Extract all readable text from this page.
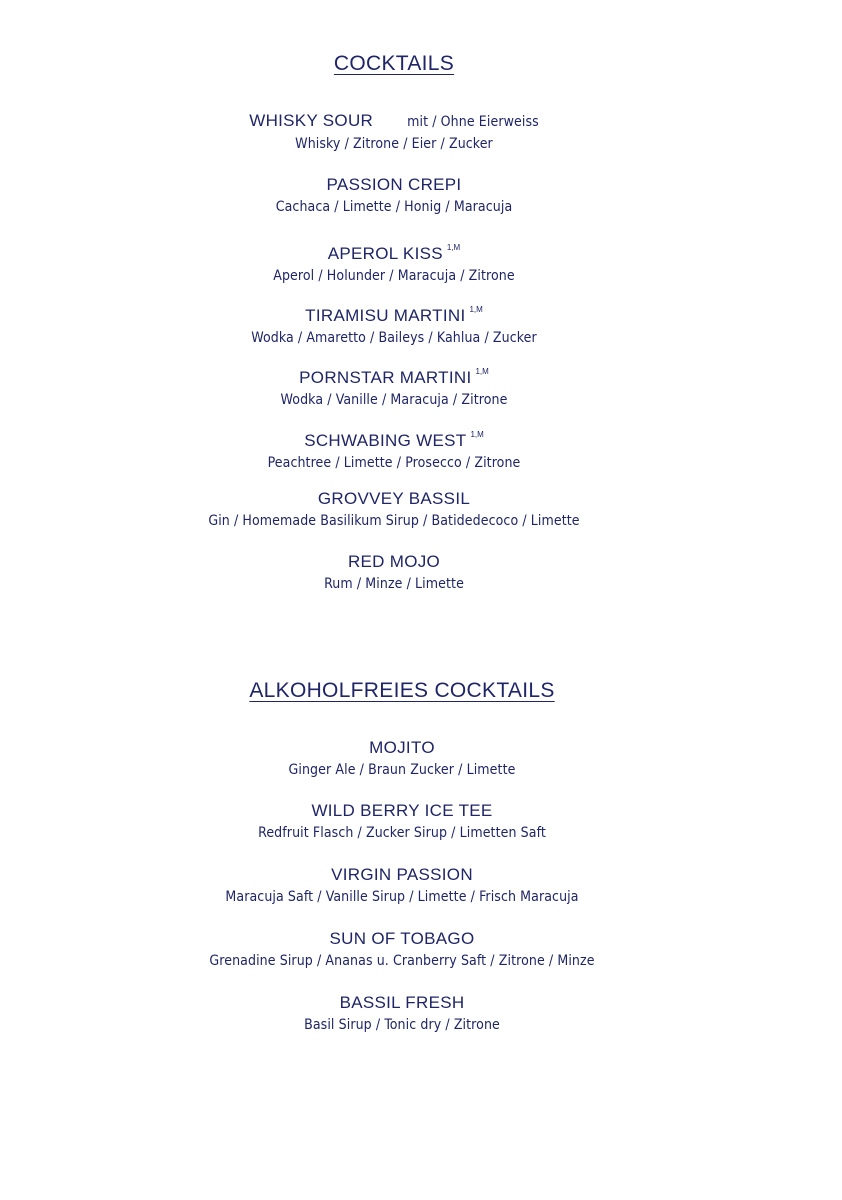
COCKTAILS
WHISKY SOUR mit / Ohne Eierweiss
Whisky / Zitrone / Eier / Zucker
PASSION CREPI
Cachaca / Limette / Honig / Maracuja
APEROL KISS $^{1,M}$
Aperol / Holunder / Maracuja / Zitrone
TIRAMISU MARTINI $^{1,M}$
Wodka / Amaretto / Baileys / Kahlua / Zucker
PORNSTAR MARTINI $^{1,M}$
Wodka / Vanille / Maracuja / Zitrone
SCHWABING WEST $^{1,M}$
Peachtree / Limette / Prosecco / Zitrone
GROVVEY BASSIL
Gin / Homemade Basilikum Sirup / Batidedecoco / Limette
RED MOJO
Rum / Minze / Limette
ALKOHOLFREIES COCKTAILS
MOJITO
Ginger Ale / Braun Zucker / Limette
WILD BERRY ICE TEE
Redfruit Flasch / Zucker Sirup / Limetten Saft
VIRGIN PASSION
Maracuja Saft / Vanille Sirup / Limette / Frisch Maracuja
SUN OF TOBAGO
Grenadine Sirup / Ananas u. Cranberry Saft / Zitrone / Minze
BASSIL FRESH
Basil Sirup / Tonic dry / Zitrone
